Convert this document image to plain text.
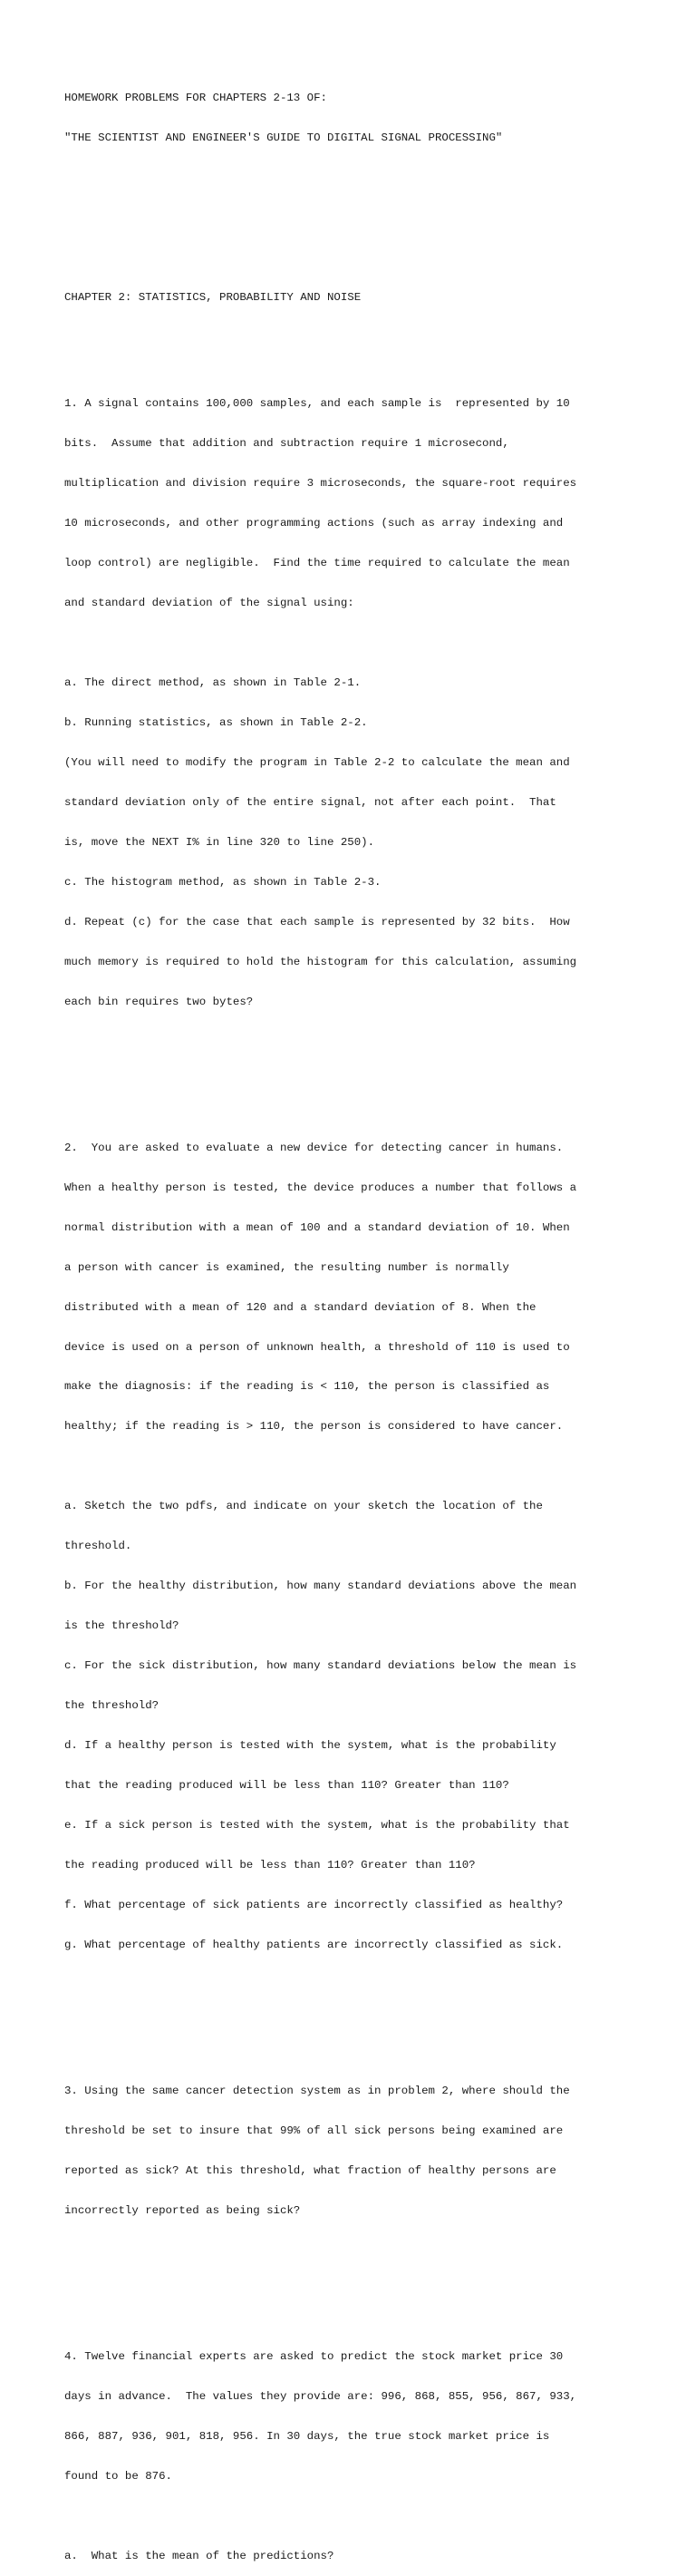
HOMEWORK PROBLEMS FOR CHAPTERS 2-13 OF:

"THE SCIENTIST AND ENGINEER'S GUIDE TO DIGITAL SIGNAL PROCESSING"

CHAPTER 2: STATISTICS, PROBABILITY AND NOISE

1. A signal contains 100,000 samples, and each sample is  represented by 10

bits.  Assume that addition and subtraction require 1 microsecond,

multiplication and division require 3 microseconds, the square-root requires

10 microseconds, and other programming actions (such as array indexing and

loop control) are negligible.  Find the time required to calculate the mean

and standard deviation of the signal using:

a. The direct method, as shown in Table 2-1.

b. Running statistics, as shown in Table 2-2.

(You will need to modify the program in Table 2-2 to calculate the mean and

standard deviation only of the entire signal, not after each point.  That

is, move the NEXT I% in line 320 to line 250).

c. The histogram method, as shown in Table 2-3.

d. Repeat (c) for the case that each sample is represented by 32 bits.  How

much memory is required to hold the histogram for this calculation, assuming

each bin requires two bytes?

2.  You are asked to evaluate a new device for detecting cancer in humans.

When a healthy person is tested, the device produces a number that follows a

normal distribution with a mean of 100 and a standard deviation of 10. When

a person with cancer is examined, the resulting number is normally

distributed with a mean of 120 and a standard deviation of 8. When the

device is used on a person of unknown health, a threshold of 110 is used to

make the diagnosis: if the reading is < 110, the person is classified as

healthy; if the reading is > 110, the person is considered to have cancer.

a. Sketch the two pdfs, and indicate on your sketch the location of the

threshold.

b. For the healthy distribution, how many standard deviations above the mean

is the threshold?

c. For the sick distribution, how many standard deviations below the mean is

the threshold?

d. If a healthy person is tested with the system, what is the probability

that the reading produced will be less than 110? Greater than 110?

e. If a sick person is tested with the system, what is the probability that

the reading produced will be less than 110? Greater than 110?

f. What percentage of sick patients are incorrectly classified as healthy?

g. What percentage of healthy patients are incorrectly classified as sick.

3. Using the same cancer detection system as in problem 2, where should the

threshold be set to insure that 99% of all sick persons being examined are

reported as sick? At this threshold, what fraction of healthy persons are

incorrectly reported as being sick?

4. Twelve financial experts are asked to predict the stock market price 30

days in advance.  The values they provide are: 996, 868, 855, 956, 867, 933,

866, 887, 936, 901, 818, 956. In 30 days, the true stock market price is

found to be 876.

a.  What is the mean of the predictions?
